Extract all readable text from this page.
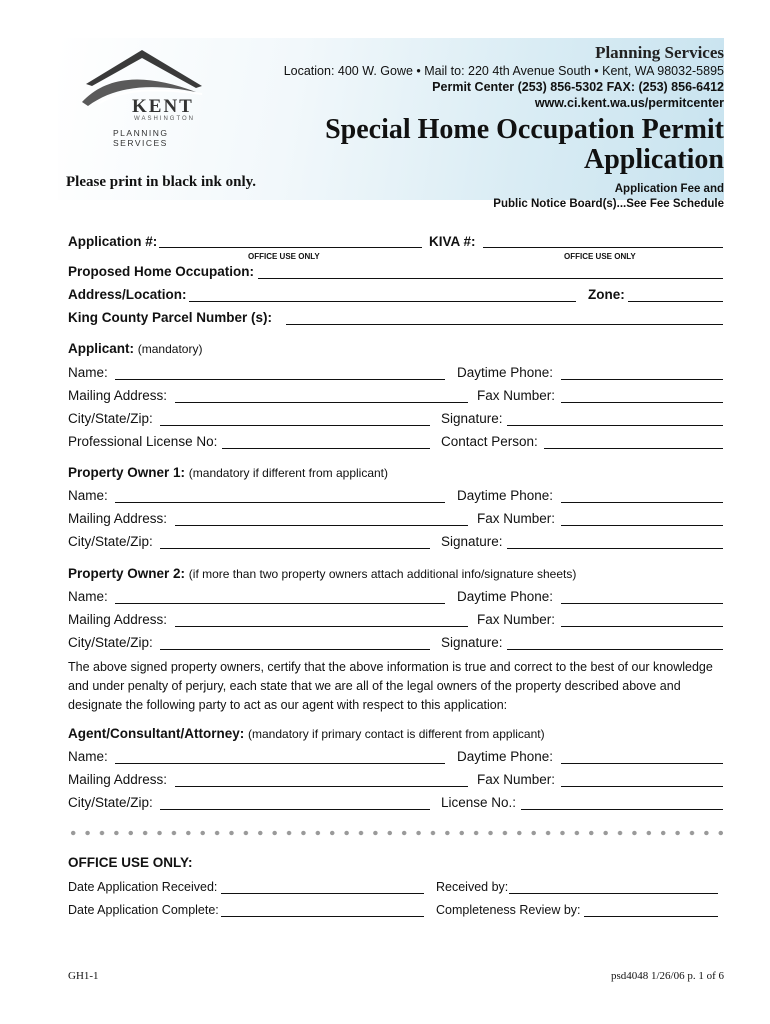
KENT
WASHINGTON
PLANNING SERVICES
Planning Services
Location: 400 W. Gowe • Mail to: 220 4th Avenue South • Kent, WA 98032-5895
Permit Center (253) 856-5302 FAX: (253) 856-6412
www.ci.kent.wa.us/permitcenter
Special Home Occupation Permit
Application
Please print in black ink only.	Application Fee and
Public Notice Board(s)...See Fee Schedule
Application #:
OFFICE USE ONLY
KIVA #:
OFFICE USE ONLY
Proposed Home Occupation:
Address/Location:	Zone:
King County Parcel Number (s):
Applicant: (mandatory)
Name:	Daytime Phone:
Mailing Address:	Fax Number:
City/State/Zip:	Signature:
Professional License No:	Contact Person:
Property Owner 1: (mandatory if different from applicant)
Name:	Daytime Phone:
Mailing Address:	Fax Number:
City/State/Zip:	Signature:
Property Owner 2: (if more than two property owners attach additional info/signature sheets)
Name:	Daytime Phone:
Mailing Address:	Fax Number:
City/State/Zip:	Signature:
The above signed property owners, certify that the above information is true and correct to the best of our knowledge
and under penalty of perjury, each state that we are all of the legal owners of the property described above and
designate the following party to act as our agent with respect to this application:
Agent/Consultant/Attorney: (mandatory if primary contact is different from applicant)
Name:	Daytime Phone:
Mailing Address:	Fax Number:
City/State/Zip:	License No.:
OFFICE USE ONLY:
Date Application Received:	Received by:
Date Application Complete:	Completeness Review by:
GH1-1	psd4048 1/26/06 p. 1 of 6
